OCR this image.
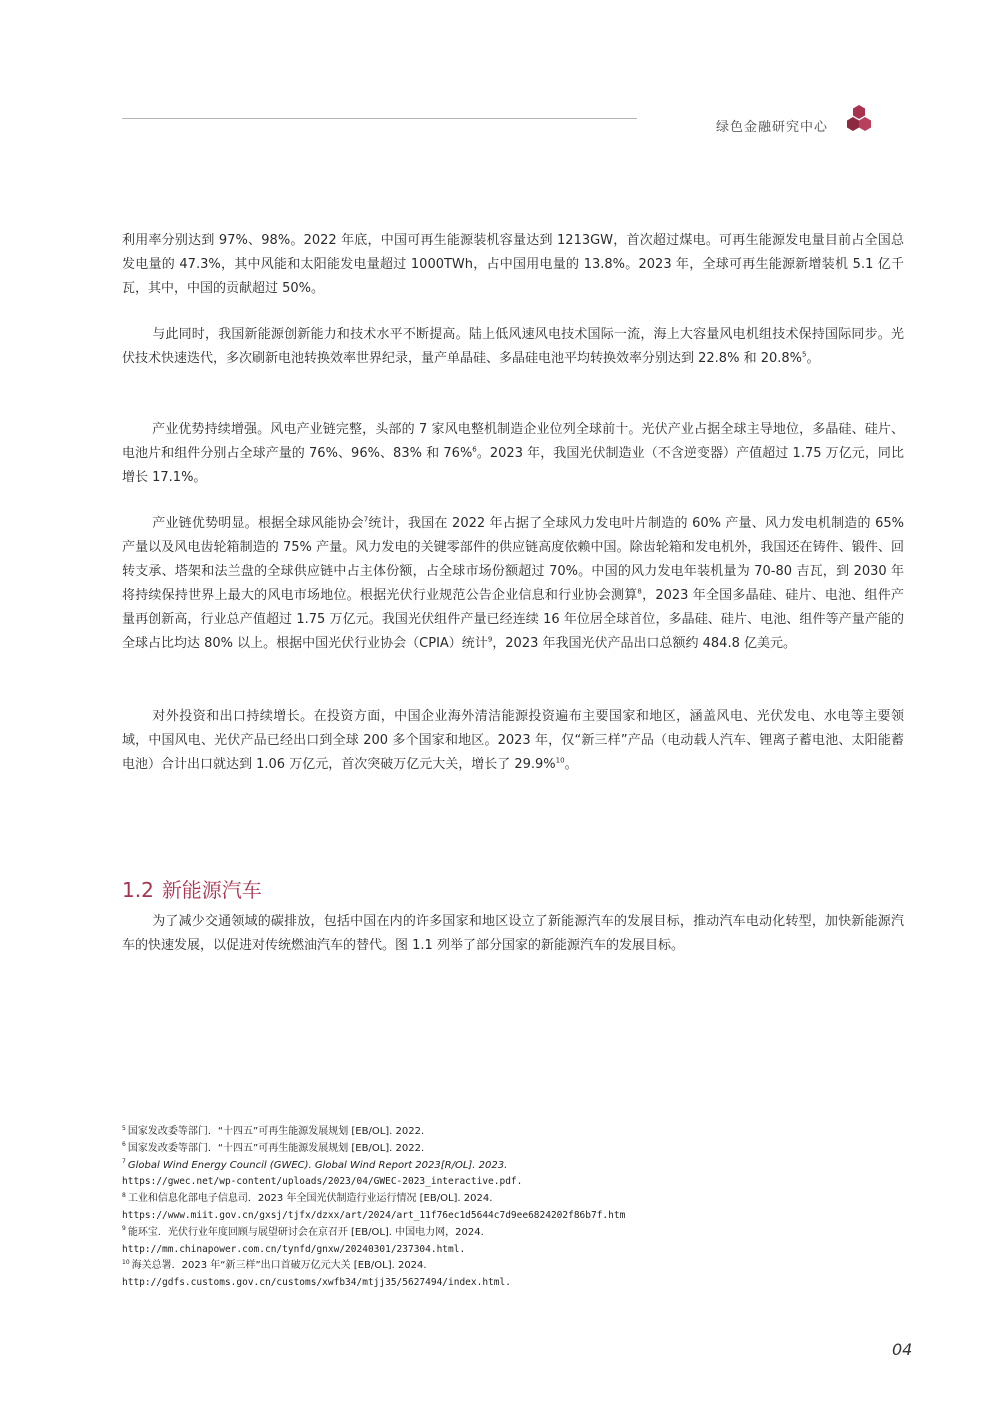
绿色金融研究中心

利用率分别达到 97%、98%。2022 年底，中国可再生能源装机容量达到 1213GW，首次超过煤电。可再生能源发电量目前占全国总发电量的 47.3%，其中风能和太阳能发电量超过 1000TWh，占中国用电量的 13.8%。2023 年，全球可再生能源新增装机 5.1 亿千瓦，其中，中国的贡献超过 50%。

与此同时，我国新能源创新能力和技术水平不断提高。陆上低风速风电技术国际一流，海上大容量风电机组技术保持国际同步。光伏技术快速迭代，多次刷新电池转换效率世界纪录，量产单晶硅、多晶硅电池平均转换效率分别达到 22.8% 和 20.8%$^5$。

产业优势持续增强。风电产业链完整，头部的 7 家风电整机制造企业位列全球前十。光伏产业占据全球主导地位，多晶硅、硅片、电池片和组件分别占全球产量的 76%、96%、83% 和 76%$^6$。2023 年，我国光伏制造业（不含逆变器）产值超过 1.75 万亿元，同比增长 17.1%。

产业链优势明显。根据全球风能协会$^7$统计，我国在 2022 年占据了全球风力发电叶片制造的 60% 产量、风力发电机制造的 65% 产量以及风电齿轮箱制造的 75% 产量。风力发电的关键零部件的供应链高度依赖中国。除齿轮箱和发电机外，我国还在铸件、锻件、回转支承、塔架和法兰盘的全球供应链中占主体份额，占全球市场份额超过 70%。中国的风力发电年装机量为 70-80 吉瓦，到 2030 年将持续保持世界上最大的风电市场地位。根据光伏行业规范公告企业信息和行业协会测算$^8$，2023 年全国多晶硅、硅片、电池、组件产量再创新高，行业总产值超过 1.75 万亿元。我国光伏组件产量已经连续 16 年位居全球首位，多晶硅、硅片、电池、组件等产量产能的全球占比均达 80% 以上。根据中国光伏行业协会（CPIA）统计$^9$，2023 年我国光伏产品出口总额约 484.8 亿美元。

对外投资和出口持续增长。在投资方面，中国企业海外清洁能源投资遍布主要国家和地区，涵盖风电、光伏发电、水电等主要领域，中国风电、光伏产品已经出口到全球 200 多个国家和地区。2023 年，仅“新三样”产品（电动载人汽车、锂离子蓄电池、太阳能蓄电池）合计出口就达到 1.06 万亿元，首次突破万亿元大关，增长了 29.9%$^{10}$。

1.2 新能源汽车

为了减少交通领域的碳排放，包括中国在内的许多国家和地区设立了新能源汽车的发展目标，推动汽车电动化转型，加快新能源汽车的快速发展，以促进对传统燃油汽车的替代。图 1.1 列举了部分国家的新能源汽车的发展目标。

$^5$ 国家发改委等部门．“十四五”可再生能源发展规划 [EB/OL]. 2022.
$^6$ 国家发改委等部门．“十四五”可再生能源发展规划 [EB/OL]. 2022.
$^7$ Global Wind Energy Council (GWEC). Global Wind Report 2023[R/OL]. 2023.
https://gwec.net/wp-content/uploads/2023/04/GWEC-2023_interactive.pdf.
$^8$ 工业和信息化部电子信息司．2023 年全国光伏制造行业运行情况 [EB/OL]. 2024.
https://www.miit.gov.cn/gxsj/tjfx/dzxx/art/2024/art_11f76ec1d5644c7d9ee6824202f86b7f.htm
$^9$ 能环宝．光伏行业年度回顾与展望研讨会在京召开 [EB/OL]. 中国电力网，2024.
http://mm.chinapower.com.cn/tynfd/gnxw/20240301/237304.html.
$^{10}$ 海关总署．2023 年“新三样”出口首破万亿元大关 [EB/OL]. 2024.
http://gdfs.customs.gov.cn/customs/xwfb34/mtjj35/5627494/index.html.
04
